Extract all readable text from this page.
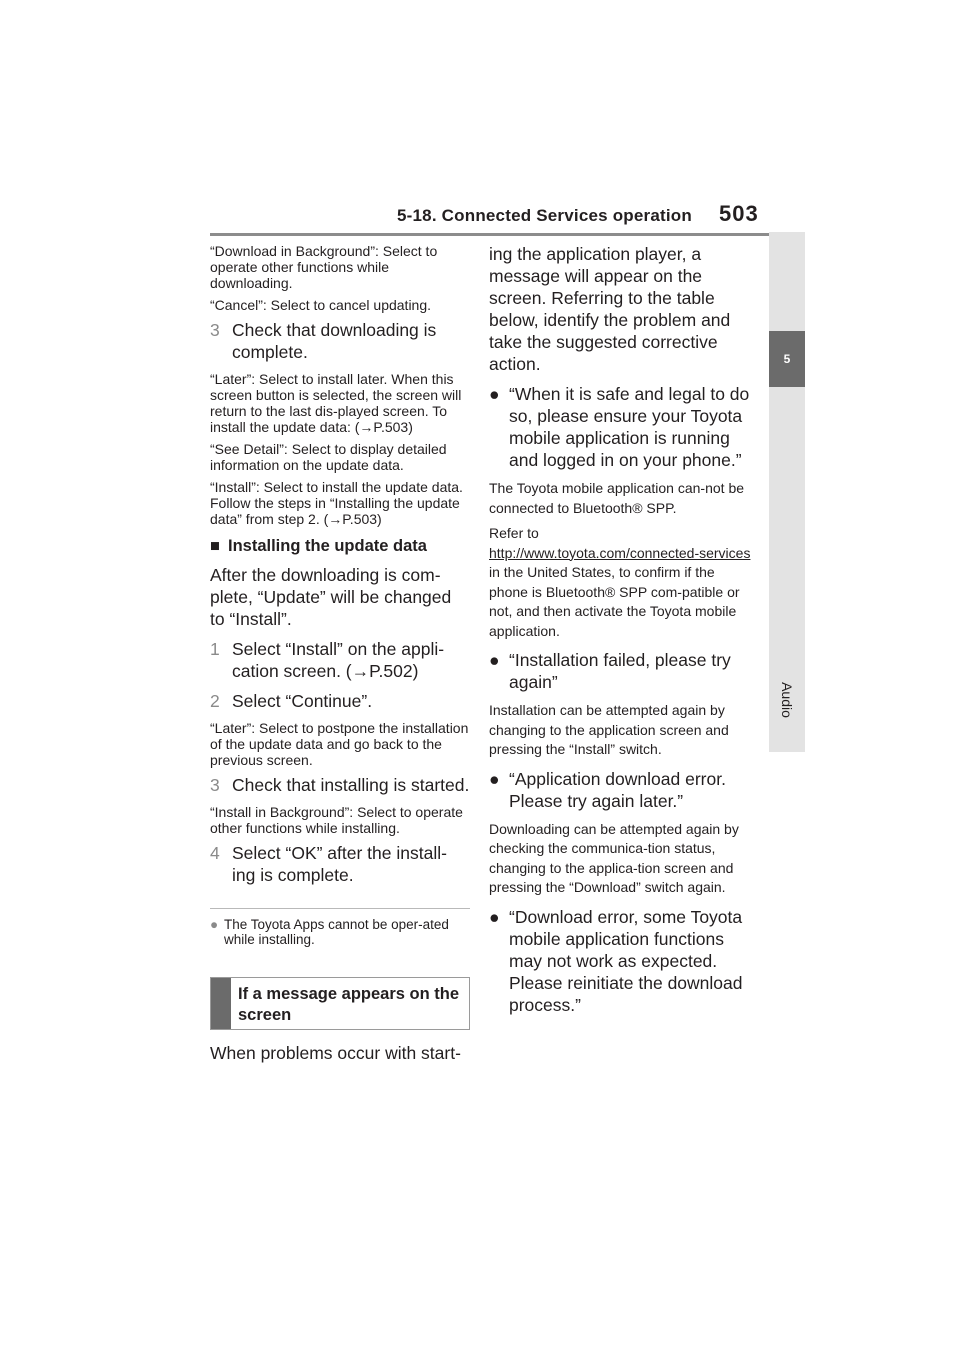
5-18. Connected Services operation 503
5
Audio

“Download in Background”: Select to operate other functions while downloading.

“Cancel”: Select to cancel updating.

3 Check that downloading is complete.

“Later”: Select to install later. When this screen button is selected, the screen will return to the last dis-played screen. To install the update data: (→P.503)

“See Detail”: Select to display detailed information on the update data.

“Install”: Select to install the update data. Follow the steps in “Installing the update data” from step 2. (→P.503)

■ Installing the update data

After the downloading is com-plete, “Update” will be changed to “Install”.

1 Select “Install” on the appli-cation screen. (→P.502)
2 Select “Continue”.

“Later”: Select to postpone the installation of the update data and go back to the previous screen.

3 Check that installing is started.

“Install in Background”: Select to operate other functions while installing.

4 Select “OK” after the install-ing is complete.
● The Toyota Apps cannot be oper-ated while installing.
If a message appears on the screen
When problems occur with start-

ing the application player, a message will appear on the screen. Referring to the table below, identify the problem and take the suggested corrective action.

● “When it is safe and legal to do so, please ensure your Toyota mobile application is running and logged in on your phone.”

The Toyota mobile application can-not be connected to Bluetooth® SPP.

Refer to
http://www.toyota.com/connected-services
in the United States, to confirm if the phone is Bluetooth® SPP com-patible or not, and then activate the Toyota mobile application.

● “Installation failed, please try again”

Installation can be attempted again by changing to the application screen and pressing the “Install” switch.

● “Application download error. Please try again later.”

Downloading can be attempted again by checking the communica-tion status, changing to the applica-tion screen and pressing the “Download” switch again.

● “Download error, some Toyota mobile application functions may not work as expected. Please reinitiate the download process.”
